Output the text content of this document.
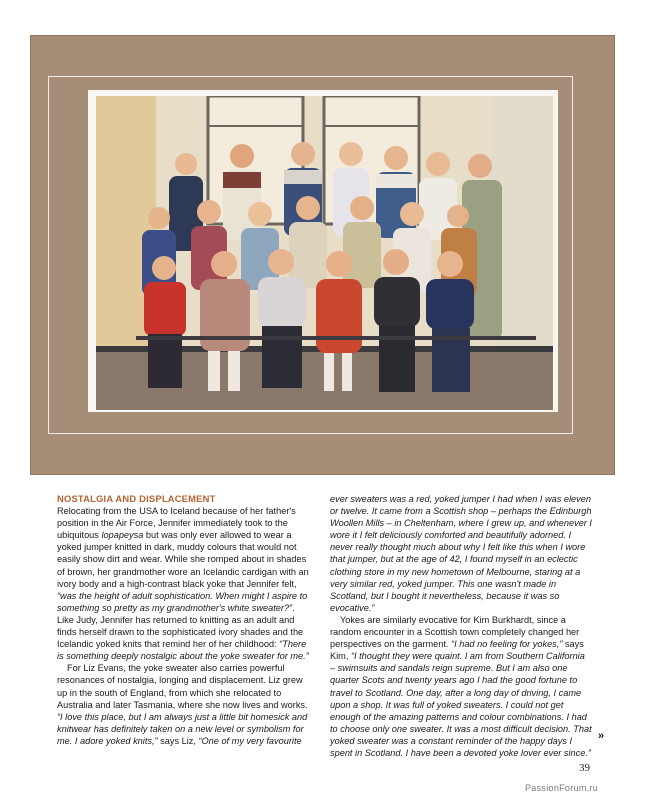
NOSTALGIA AND DISPLACEMENT

Relocating from the USA to Iceland because of her father's position in the Air Force, Jennifer immediately took to the ubiquitous lopapeysa but was only ever allowed to wear a yoked jumper knitted in dark, muddy colours that would not easily show dirt and wear. While she romped about in shades of brown, her grandmother wore an Icelandic cardigan with an ivory body and a high-contrast black yoke that Jennifer felt, “was the height of adult sophistication. When might I aspire to something so pretty as my grandmother's white sweater?”. Like Judy, Jennifer has returned to knitting as an adult and finds herself drawn to the sophisticated ivory shades and the Icelandic yoked knits that remind her of her childhood: “There is something deeply nostalgic about the yoke sweater for me.”

For Liz Evans, the yoke sweater also carries powerful resonances of nostalgia, longing and displacement. Liz grew up in the south of England, from which she relocated to Australia and later Tasmania, where she now lives and works. “I love this place, but I am always just a little bit homesick and knitwear has definitely taken on a new level or symbolism for me. I adore yoked knits,” says Liz, “One of my very favourite

ever sweaters was a red, yoked jumper I had when I was eleven or twelve. It came from a Scottish shop – perhaps the Edinburgh Woollen Mills – in Cheltenham, where I grew up, and whenever I wore it I felt deliciously comforted and beautifully adorned. I never really thought much about why I felt like this when I wore that jumper, but at the age of 42, I found myself in an eclectic clothing store in my new hometown of Melbourne, staring at a very similar red, yoked jumper. This one wasn't made in Scotland, but I bought it nevertheless, because it was so evocative.”

Yokes are similarly evocative for Kim Burkhardt, since a random encounter in a Scottish town completely changed her perspectives on the garment. “I had no feeling for yokes,” says Kim, “I thought they were quaint. I am from Southern California – swimsuits and sandals reign supreme. But I am also one quarter Scots and twenty years ago I had the good fortune to travel to Scotland. One day, after a long day of driving, I came upon a shop. It was full of yoked sweaters. I could not get enough of the amazing patterns and colour combinations. I had to choose only one sweater. It was a most difficult decision. That yoked sweater was a constant reminder of the happy days I spent in Scotland. I have been a devoted yoke lover ever since.”

»
39
PassionForum.ru
